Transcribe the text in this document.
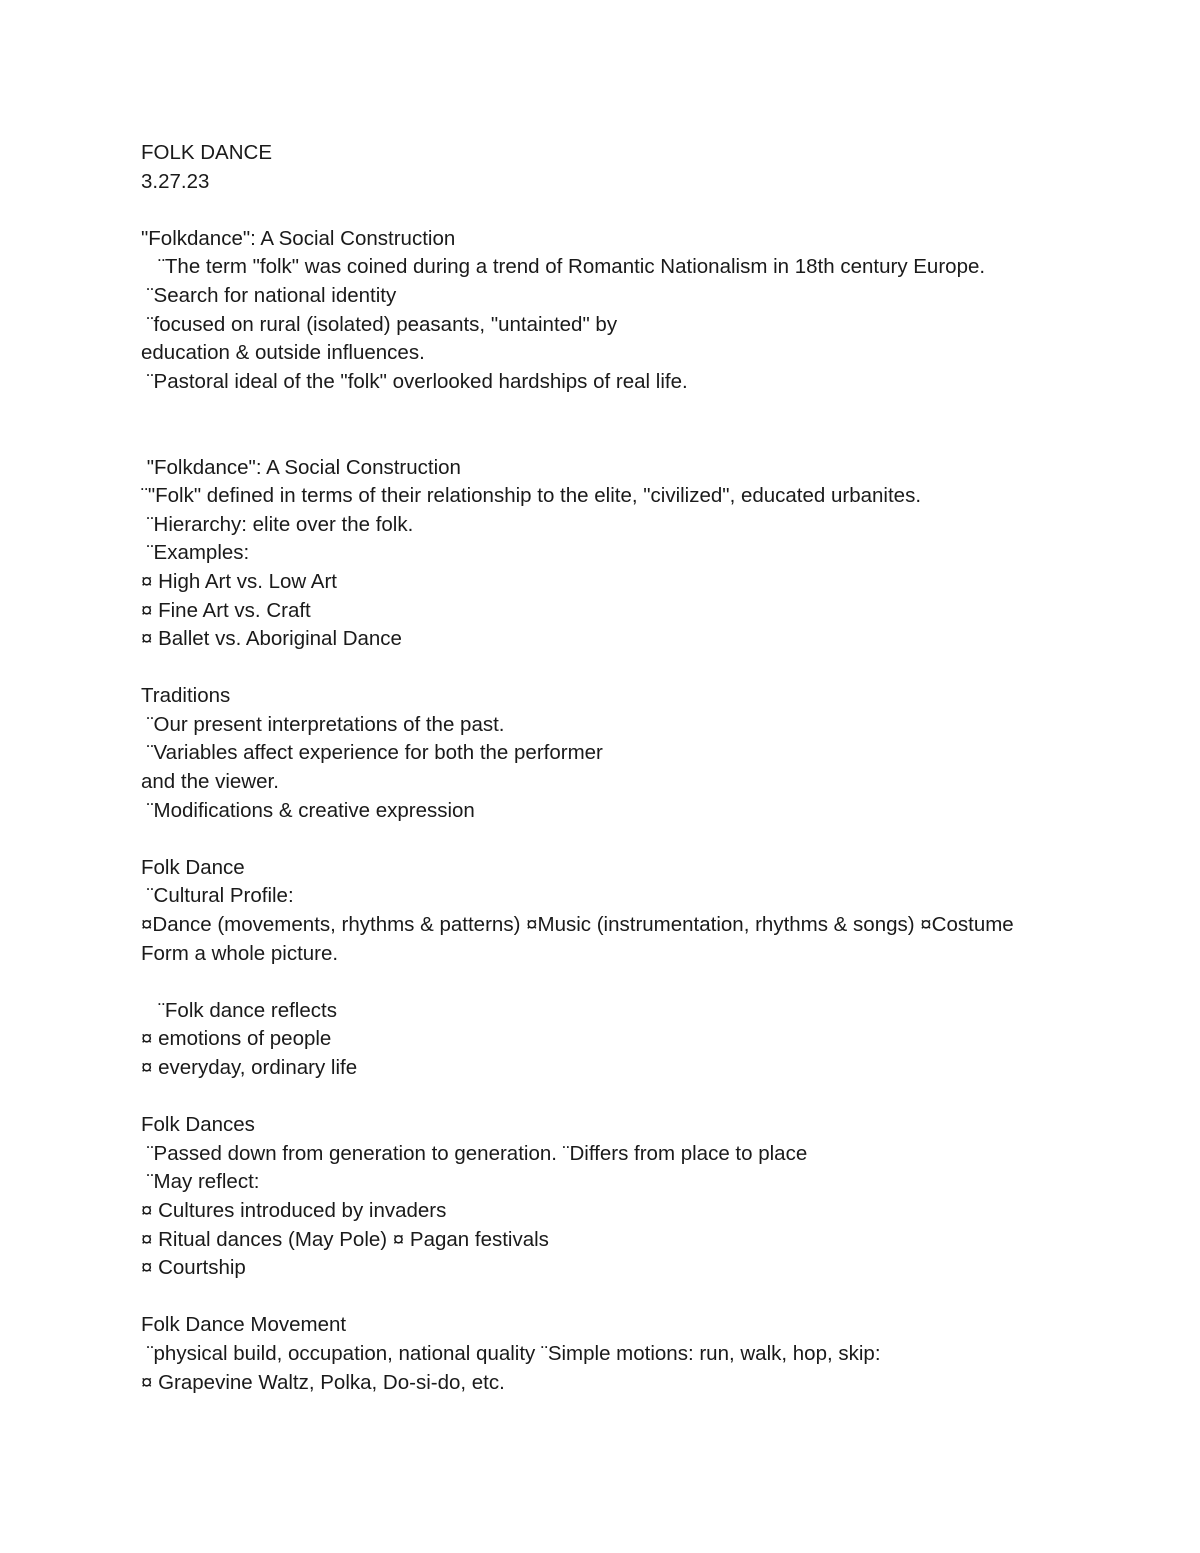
FOLK DANCE
3.27.23
"Folkdance": A Social Construction
¨The term "folk" was coined during a trend of Romantic Nationalism in 18th century Europe.
¨Search for national identity
¨focused on rural (isolated) peasants, "untainted" by
education & outside influences.
¨Pastoral ideal of the "folk" overlooked hardships of real life.
"Folkdance": A Social Construction
¨"Folk" defined in terms of their relationship to the elite, "civilized", educated urbanites.
¨Hierarchy: elite over the folk.
¨Examples:
¤ High Art vs. Low Art
¤ Fine Art vs. Craft
¤ Ballet vs. Aboriginal Dance
Traditions
¨Our present interpretations of the past.
¨Variables affect experience for both the performer
and the viewer.
¨Modifications & creative expression
Folk Dance
¨Cultural Profile:
¤Dance (movements, rhythms & patterns) ¤Music (instrumentation, rhythms & songs) ¤Costume
Form a whole picture.
¨Folk dance reflects
¤ emotions of people
¤ everyday, ordinary life
Folk Dances
¨Passed down from generation to generation. ¨Differs from place to place
¨May reflect:
¤ Cultures introduced by invaders
¤ Ritual dances (May Pole) ¤ Pagan festivals
¤ Courtship
Folk Dance Movement
¨physical build, occupation, national quality ¨Simple motions: run, walk, hop, skip:
¤ Grapevine Waltz, Polka, Do-si-do, etc.
